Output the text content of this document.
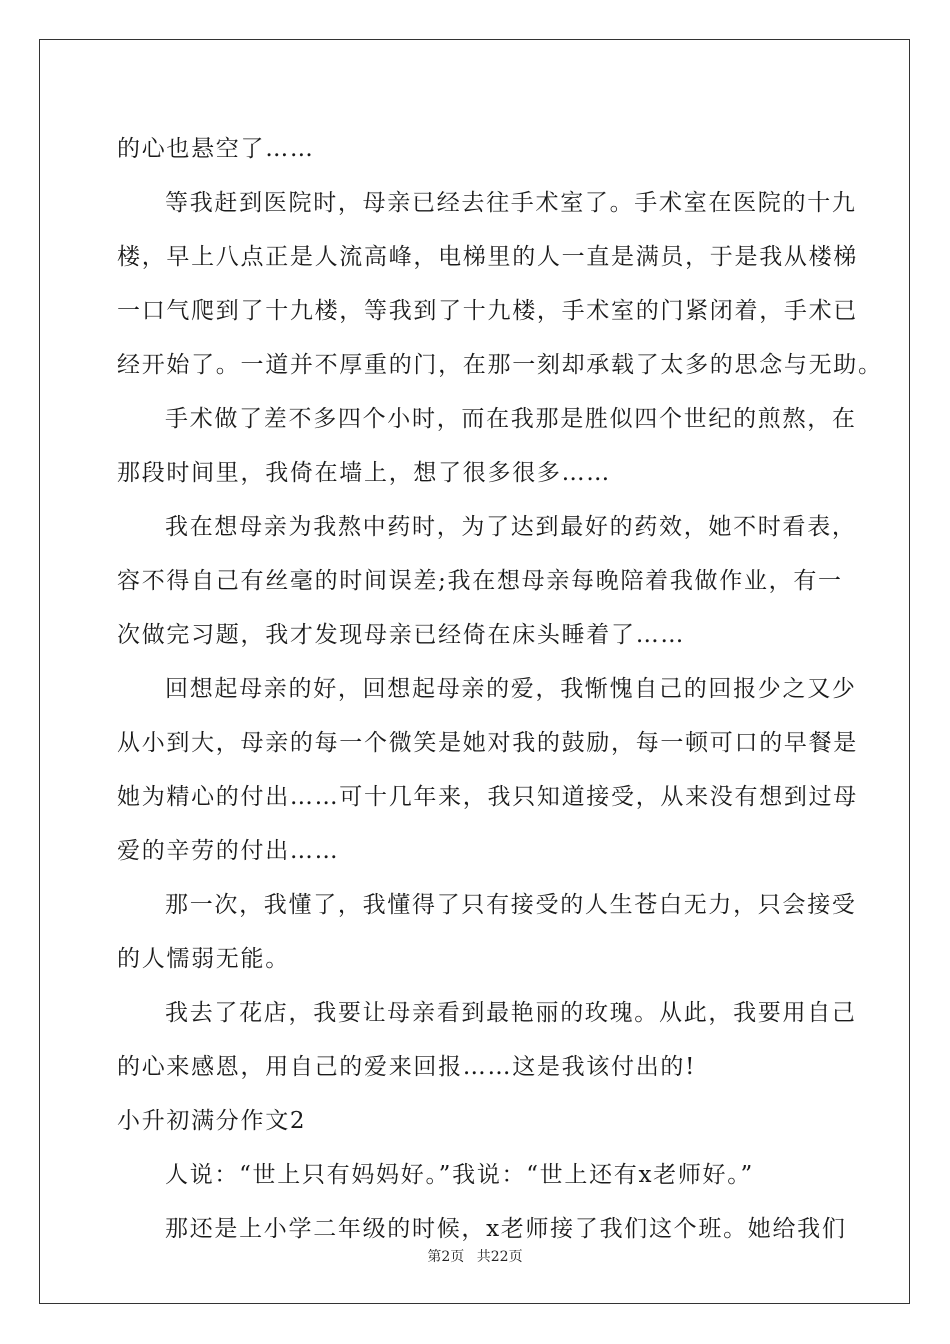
的心也悬空了……
等我赶到医院时，母亲已经去往手术室了。手术室在医院的十九
楼，早上八点正是人流高峰，电梯里的人一直是满员，于是我从楼梯
一口气爬到了十九楼，等我到了十九楼，手术室的门紧闭着，手术已
经开始了。一道并不厚重的门，在那一刻却承载了太多的思念与无助。
手术做了差不多四个小时，而在我那是胜似四个世纪的煎熬，在
那段时间里，我倚在墙上，想了很多很多……
我在想母亲为我熬中药时，为了达到最好的药效，她不时看表，
容不得自己有丝毫的时间误差;我在想母亲每晚陪着我做作业，有一
次做完习题，我才发现母亲已经倚在床头睡着了……
回想起母亲的好，回想起母亲的爱，我惭愧自己的回报少之又少
从小到大，母亲的每一个微笑是她对我的鼓励，每一顿可口的早餐是
她为精心的付出……可十几年来，我只知道接受，从来没有想到过母
爱的辛劳的付出……
那一次，我懂了，我懂得了只有接受的人生苍白无力，只会接受
的人懦弱无能。
我去了花店，我要让母亲看到最艳丽的玫瑰。从此，我要用自己
的心来感恩，用自己的爱来回报……这是我该付出的!
小升初满分作文2
人说：“世上只有妈妈好。”我说：“世上还有x老师好。”
那还是上小学二年级的时候，x老师接了我们这个班。她给我们
第2页 共22页
